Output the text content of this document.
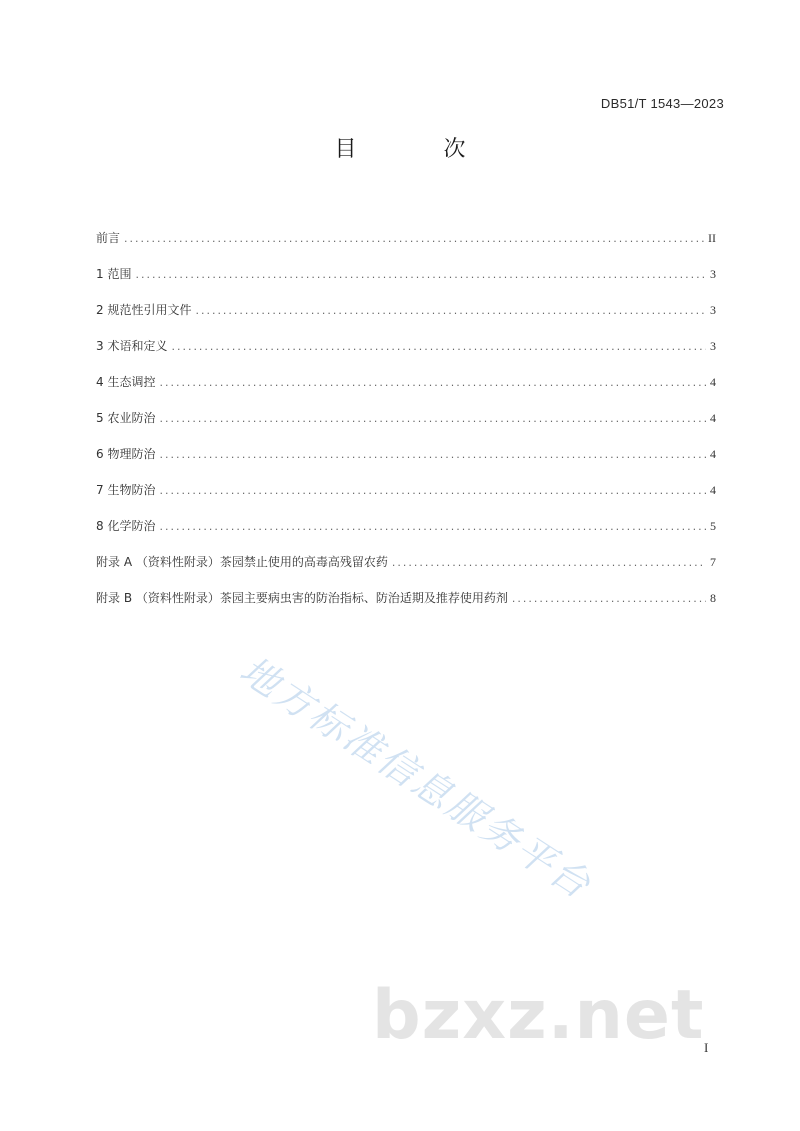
DB51/T 1543—2023
目 次
前言 .....	II
1 范围 .....	3
2 规范性引用文件 .....	3
3 术语和定义 .....	3
4 生态调控 .....	4
5 农业防治 .....	4
6 物理防治 .....	4
7 生物防治 .....	4
8 化学防治 .....	5
附录 A （资料性附录）茶园禁止使用的高毒高残留农药 .....	7
附录 B （资料性附录）茶园主要病虫害的防治指标、防治适期及推荐使用药剂 .....	8
地方标准信息服务平台
bzxz.net I
